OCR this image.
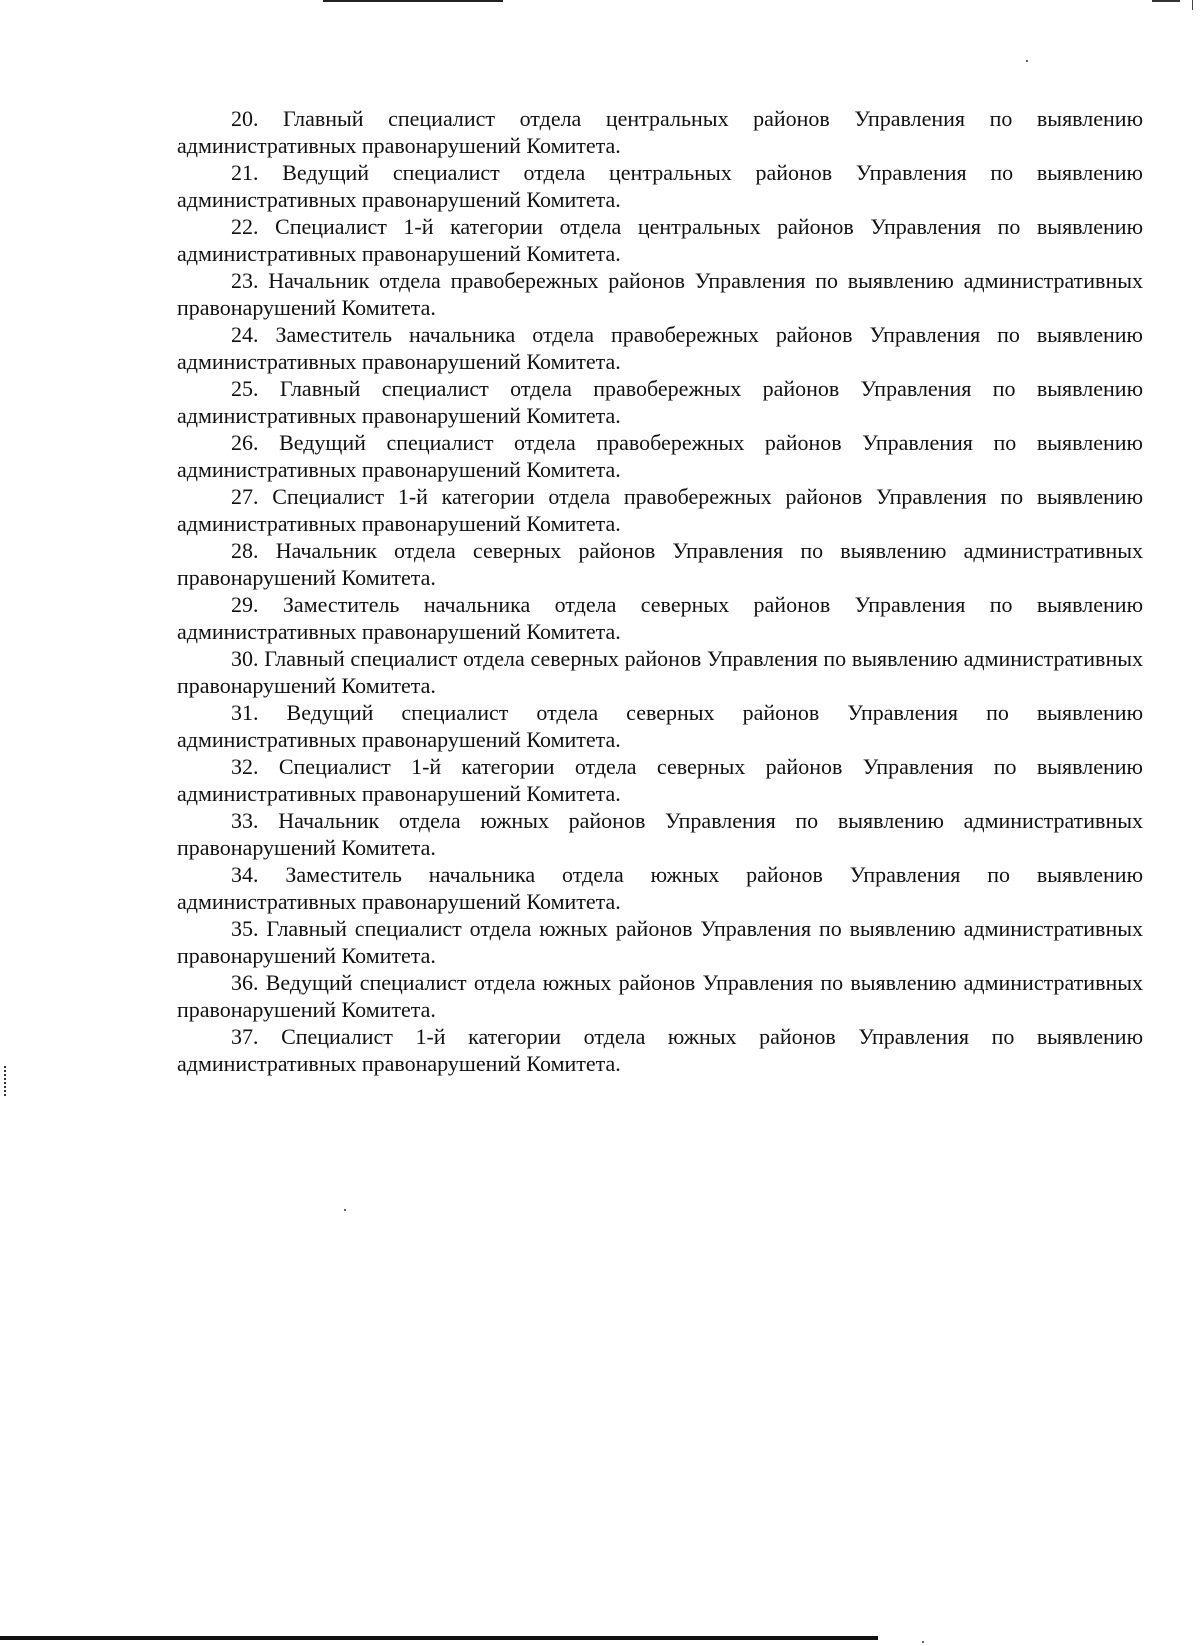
20. Главный специалист отдела центральных районов Управления по выявлению административных правонарушений Комитета.

21. Ведущий специалист отдела центральных районов Управления по выявлению административных правонарушений Комитета.

22. Специалист 1-й категории отдела центральных районов Управления по выявлению административных правонарушений Комитета.

23. Начальник отдела правобережных районов Управления по выявлению административных правонарушений Комитета.

24. Заместитель начальника отдела правобережных районов Управления по выявлению административных правонарушений Комитета.

25. Главный специалист отдела правобережных районов Управления по выявлению административных правонарушений Комитета.

26. Ведущий специалист отдела правобережных районов Управления по выявлению административных правонарушений Комитета.

27. Специалист 1-й категории отдела правобережных районов Управления по выявлению административных правонарушений Комитета.

28. Начальник отдела северных районов Управления по выявлению административных правонарушений Комитета.

29. Заместитель начальника отдела северных районов Управления по выявлению административных правонарушений Комитета.

30. Главный специалист отдела северных районов Управления по выявлению административных правонарушений Комитета.

31. Ведущий специалист отдела северных районов Управления по выявлению административных правонарушений Комитета.

32. Специалист 1-й категории отдела северных районов Управления по выявлению административных правонарушений Комитета.

33. Начальник отдела южных районов Управления по выявлению административных правонарушений Комитета.

34. Заместитель начальника отдела южных районов Управления по выявлению административных правонарушений Комитета.

35. Главный специалист отдела южных районов Управления по выявлению административных правонарушений Комитета.

36. Ведущий специалист отдела южных районов Управления по выявлению административных правонарушений Комитета.

37. Специалист 1-й категории отдела южных районов Управления по выявлению административных правонарушений Комитета.
